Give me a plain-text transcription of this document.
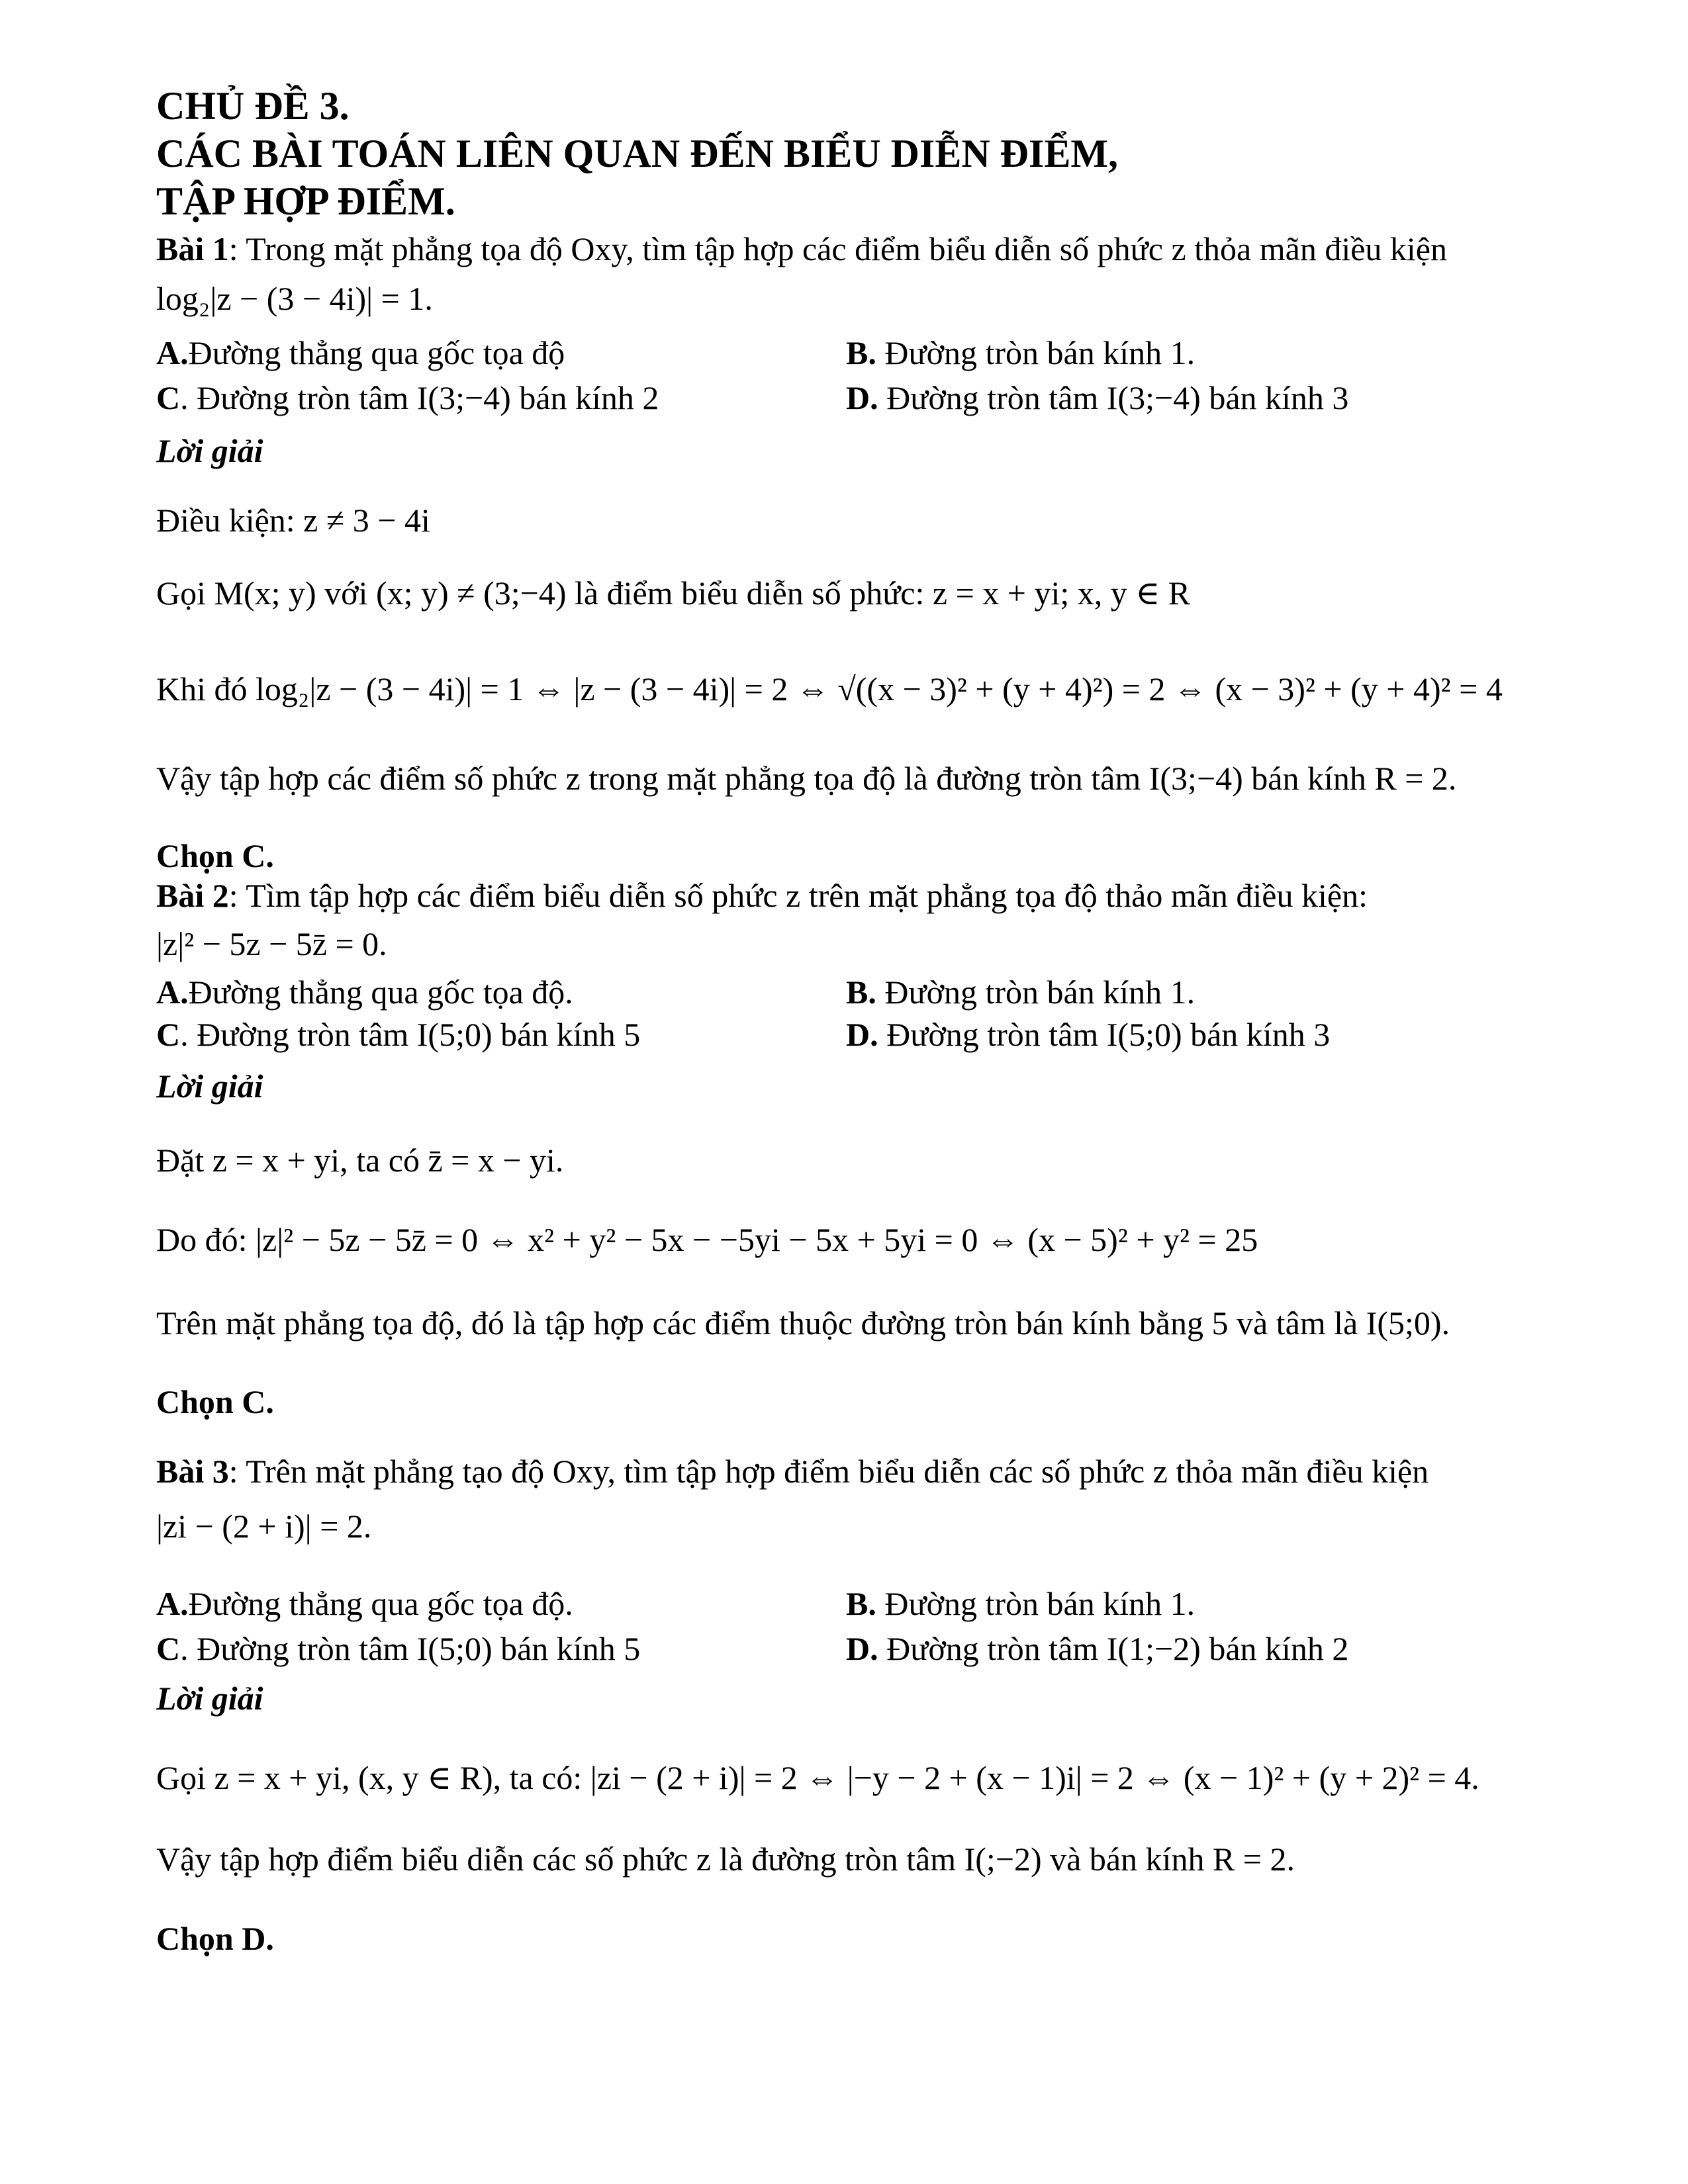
CHỦ ĐỀ 3.
CÁC BÀI TOÁN LIÊN QUAN ĐẾN BIỂU DIỄN ĐIỂM,
TẬP HỢP ĐIỂM.
Bài 1: Trong mặt phẳng tọa độ Oxy, tìm tập hợp các điểm biểu diễn số phức z thỏa mãn điều kiện
log₂|z − (3 − 4i)| = 1.
A.Đường thẳng qua gốc tọa độ	B. Đường tròn bán kính 1.
C. Đường tròn tâm I(3;−4) bán kính 2	D. Đường tròn tâm I(3;−4) bán kính 3
Lời giải
Điều kiện: z ≠ 3 − 4i
Gọi M(x; y) với (x; y) ≠ (3;−4) là điểm biểu diễn số phức: z = x + yi; x, y ∈ R
Khi đó log₂|z − (3 − 4i)| = 1 ⇔ |z − (3 − 4i)| = 2 ⇔ √((x − 3)² + (y + 4)²) = 2 ⇔ (x − 3)² + (y + 4)² = 4
Vậy tập hợp các điểm số phức z trong mặt phẳng tọa độ là đường tròn tâm I(3;−4) bán kính R = 2.
Chọn C.
Bài 2: Tìm tập hợp các điểm biểu diễn số phức z trên mặt phẳng tọa độ thảo mãn điều kiện:
|z|² − 5z − 5z̄ = 0.
A.Đường thẳng qua gốc tọa độ.	B. Đường tròn bán kính 1.
C. Đường tròn tâm I(5;0) bán kính 5	D. Đường tròn tâm I(5;0) bán kính 3
Lời giải
Đặt z = x + yi, ta có z̄ = x − yi.
Do đó: |z|² − 5z − 5z̄ = 0 ⇔ x² + y² − 5x − −5yi − 5x + 5yi = 0 ⇔ (x − 5)² + y² = 25
Trên mặt phẳng tọa độ, đó là tập hợp các điểm thuộc đường tròn bán kính bằng 5 và tâm là I(5;0).
Chọn C.
Bài 3: Trên mặt phẳng tạo độ Oxy, tìm tập hợp điểm biểu diễn các số phức z thỏa mãn điều kiện
|zi − (2 + i)| = 2.
A.Đường thẳng qua gốc tọa độ.	B. Đường tròn bán kính 1.
C. Đường tròn tâm I(5;0) bán kính 5	D. Đường tròn tâm I(1;−2) bán kính 2
Lời giải
Gọi z = x + yi, (x, y ∈ R), ta có: |zi − (2 + i)| = 2 ⇔ |−y − 2 + (x − 1)i| = 2 ⇔ (x − 1)² + (y + 2)² = 4.
Vậy tập hợp điểm biểu diễn các số phức z là đường tròn tâm I(;−2) và bán kính R = 2.
Chọn D.
